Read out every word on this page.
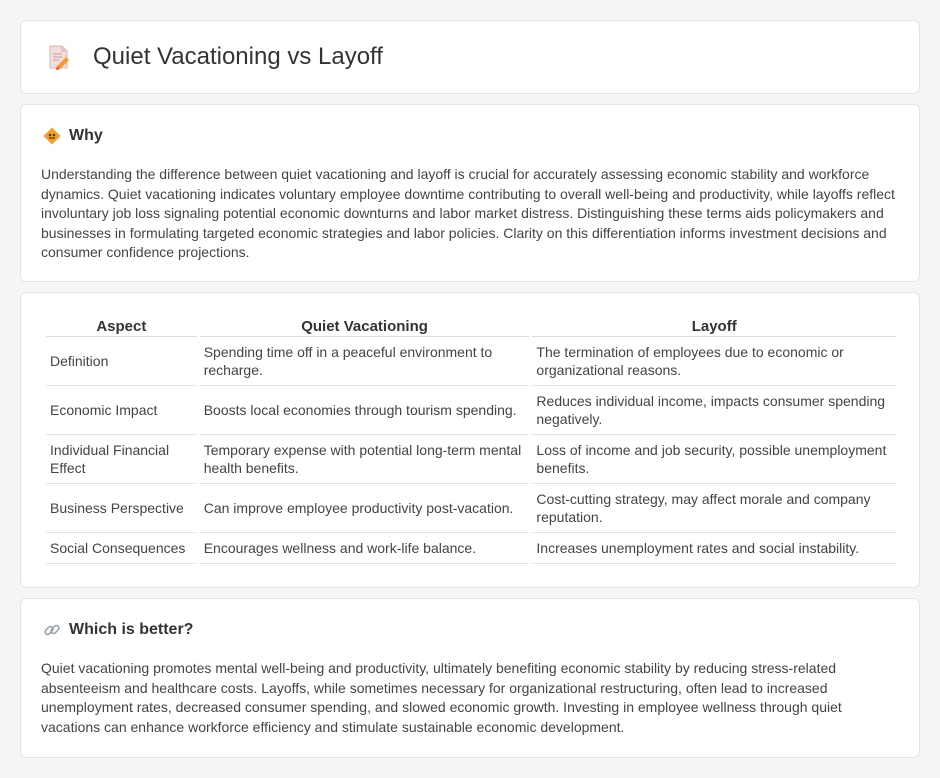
Quiet Vacationing vs Layoff
Why

Understanding the difference between quiet vacationing and layoff is crucial for accurately assessing economic stability and workforce dynamics. Quiet vacationing indicates voluntary employee downtime contributing to overall well-being and productivity, while layoffs reflect involuntary job loss signaling potential economic downturns and labor market distress. Distinguishing these terms aids policymakers and businesses in formulating targeted economic strategies and labor policies. Clarity on this differentiation informs investment decisions and consumer confidence projections.

Aspect	Quiet Vacationing	Layoff
Definition	Spending time off in a peaceful environment to recharge.	The termination of employees due to economic or organizational reasons.
Economic Impact	Boosts local economies through tourism spending.	Reduces individual income, impacts consumer spending negatively.
Individual Financial Effect	Temporary expense with potential long-term mental health benefits.	Loss of income and job security, possible unemployment benefits.
Business Perspective	Can improve employee productivity post-vacation.	Cost-cutting strategy, may affect morale and company reputation.
Social Consequences	Encourages wellness and work-life balance.	Increases unemployment rates and social instability.
Which is better?

Quiet vacationing promotes mental well-being and productivity, ultimately benefiting economic stability by reducing stress-related absenteeism and healthcare costs. Layoffs, while sometimes necessary for organizational restructuring, often lead to increased unemployment rates, decreased consumer spending, and slowed economic growth. Investing in employee wellness through quiet vacations can enhance workforce efficiency and stimulate sustainable economic development.
